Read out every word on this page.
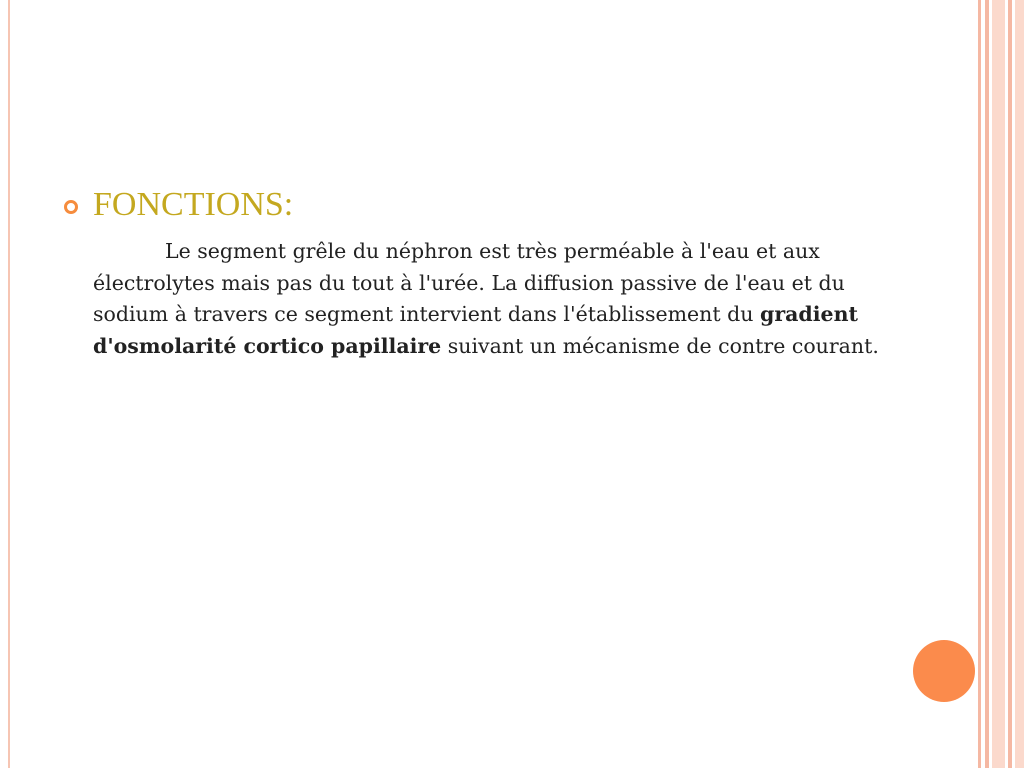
FONCTIONS:

Le segment grêle du néphron est très perméable à l'eau et aux électrolytes mais pas du tout à l'urée. La diffusion passive de l'eau et du sodium à travers ce segment intervient dans l'établissement du gradient d'osmolarité cortico papillaire suivant un mécanisme de contre courant.
